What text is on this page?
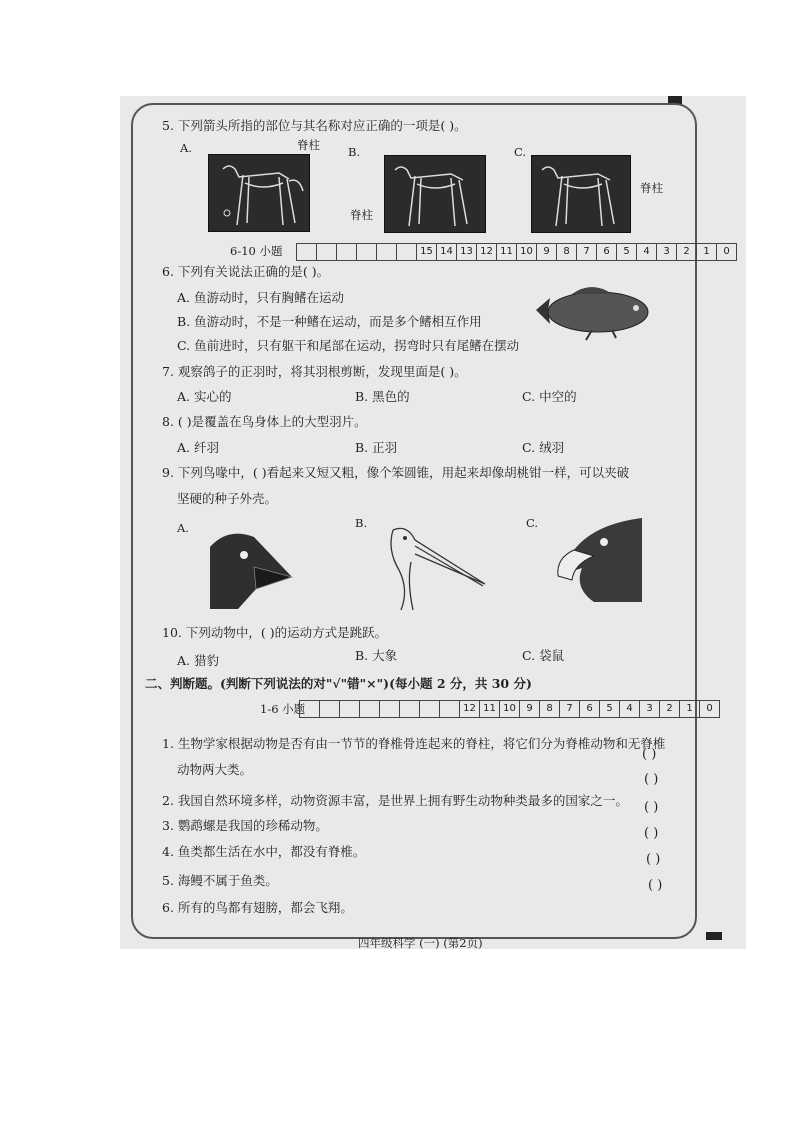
5. 下列箭头所指的部位与其名称对应正确的一项是( )。
A.	B.	C.
脊柱
脊柱
脊柱
6-10 小题	15 14 13 12 11 10	9	8	7	6	5	4	3	2	1	0
6. 下列有关说法正确的是( )。
A. 鱼游动时，只有胸鳍在运动
B. 鱼游动时，不是一种鳍在运动，而是多个鳍相互作用
C. 鱼前进时，只有躯干和尾部在运动，拐弯时只有尾鳍在摆动
7. 观察鸽子的正羽时，将其羽根剪断，发现里面是( )。
A. 实心的	B. 黑色的	C. 中空的
8. ( )是覆盖在鸟身体上的大型羽片。
A. 纤羽	B. 正羽	C. 绒羽
9. 下列鸟喙中，( )看起来又短又粗，像个笨圆锥，用起来却像胡桃钳一样，可以夹破
坚硬的种子外壳。
A.	B.	C.
10. 下列动物中，( )的运动方式是跳跃。
A. 猎豹	B. 大象	C. 袋鼠
二、判断题。(判断下列说法的对"√"错"×")(每小题 2 分，共 30 分)
1-6 小题	12 11 10	9	8	7	6	5	4	3	2	1	0
1. 生物学家根据动物是否有由一节节的脊椎骨连起来的脊柱，将它们分为脊椎动物和无脊椎
动物两大类。
2. 我国自然环境多样，动物资源丰富，是世界上拥有野生动物种类最多的国家之一。
3. 鹦鹉螺是我国的珍稀动物。
4. 鱼类都生活在水中，都没有脊椎。
5. 海鳗不属于鱼类。
6. 所有的鸟都有翅膀，都会飞翔。
( )
( )
( )
( )
( )
( )
四年级科学 (一) (第2页)
